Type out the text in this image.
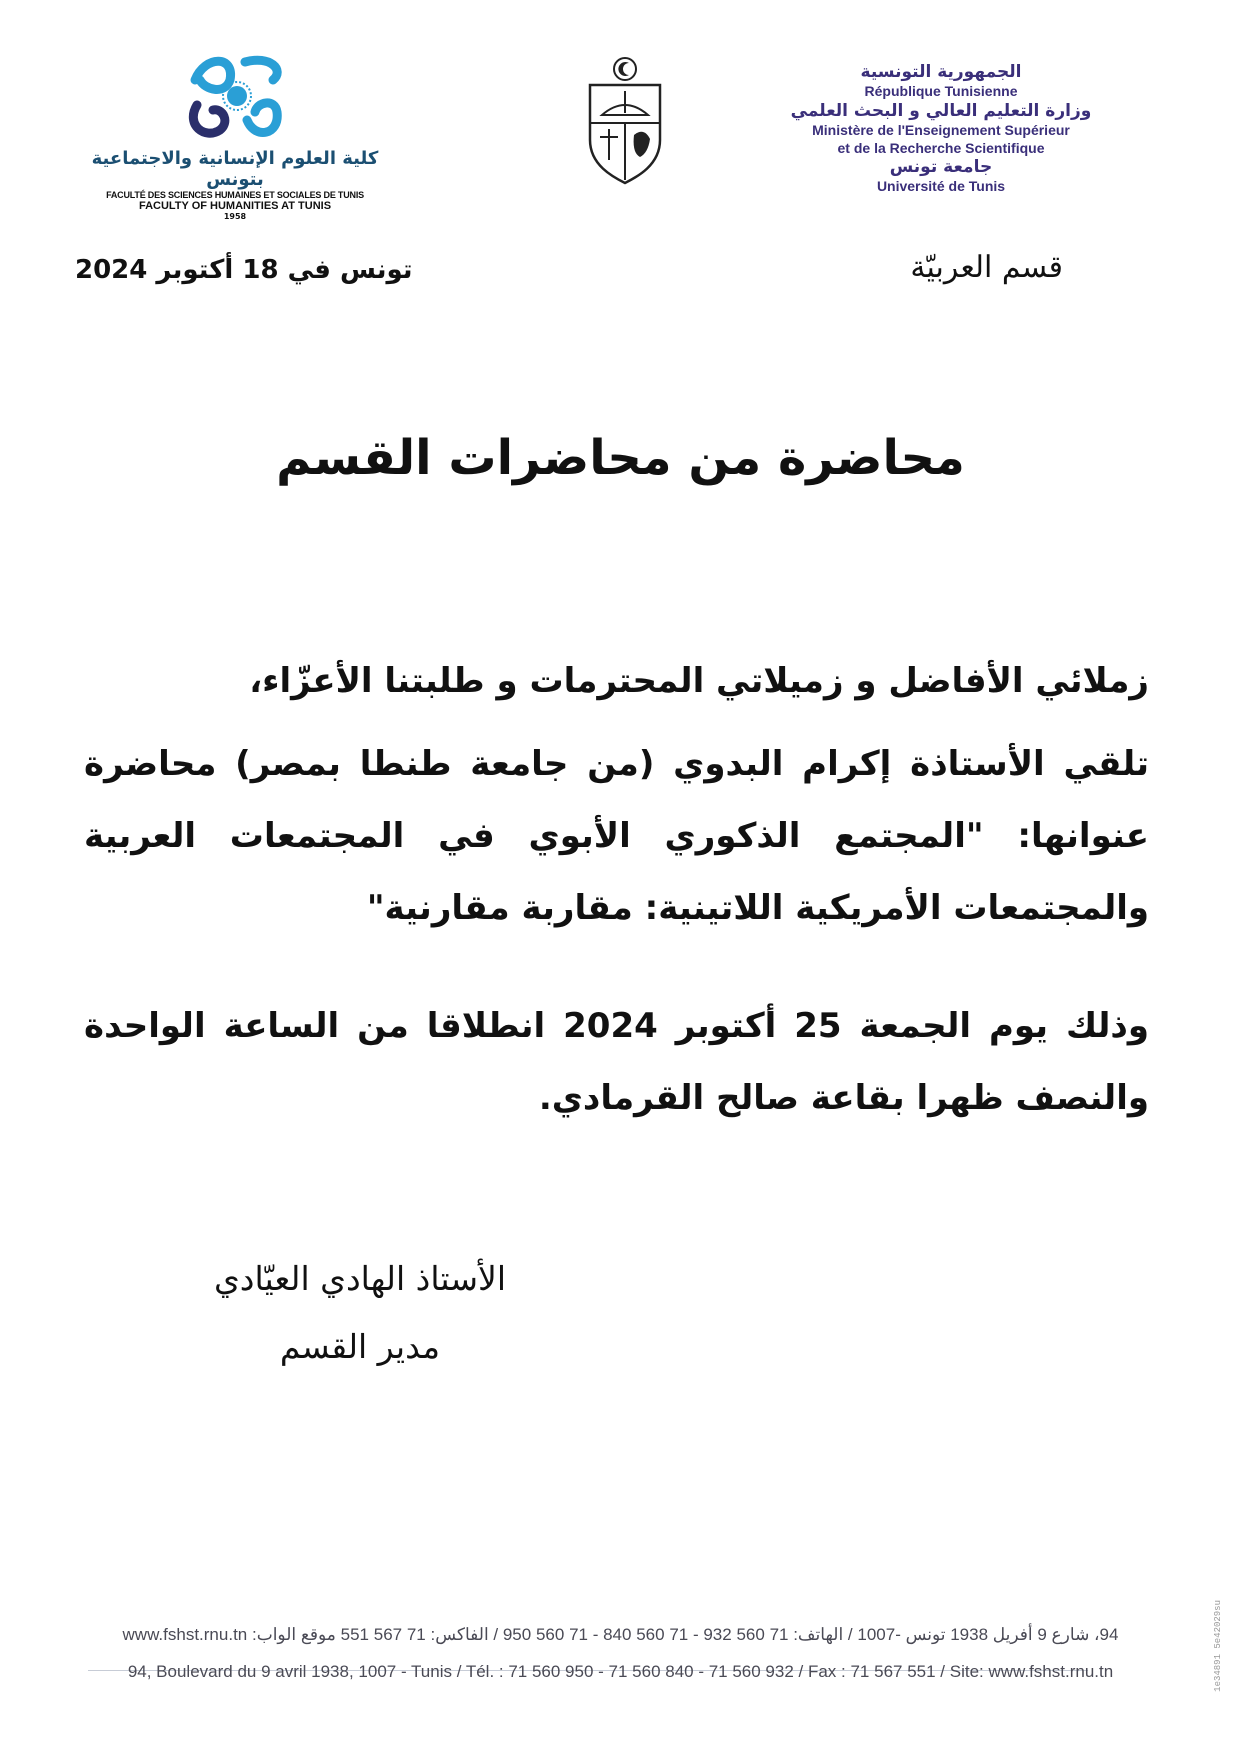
كلية العلوم الإنسانية والاجتماعية بتونس
FACULTÉ DES SCIENCES HUMAINES ET SOCIALES DE TUNIS
FACULTY OF HUMANITIES AT TUNIS
1958
الجمهورية التونسية
République Tunisienne
وزارة التعليم العالي و البحث العلمي
Ministère de l'Enseignement Supérieur
et de la Recherche Scientifique
جامعة تونس
Université de Tunis
قسم العربيّة
تونس في 18 أكتوبر 2024
محاضرة من محاضرات القسم
زملائي الأفاضل و زميلاتي المحترمات و طلبتنا الأعزّاء،
تلقي الأستاذة إكرام البدوي (من جامعة طنطا بمصر) محاضرة عنوانها: "المجتمع الذكوري الأبوي في المجتمعات العربية والمجتمعات الأمريكية اللاتينية: مقاربة مقارنية"
وذلك يوم الجمعة 25 أكتوبر 2024 انطلاقا من الساعة الواحدة والنصف ظهرا بقاعة صالح القرمادي.
الأستاذ الهادي العيّادي
مدير القسم
94، شارع 9 أفريل 1938 تونس -1007 / الهاتف: 71 560 932 - 71 560 840 - 71 560 950 / الفاكس: 71 567 551 موقع الواب: www.fshst.rnu.tn
94, Boulevard du 9 avril 1938, 1007 - Tunis / Tél. : 71 560 950 - 71 560 840 - 71 560 932 / Fax : 71 567 551 / Site: www.fshst.rnu.tn	1e34891 5e42029su
